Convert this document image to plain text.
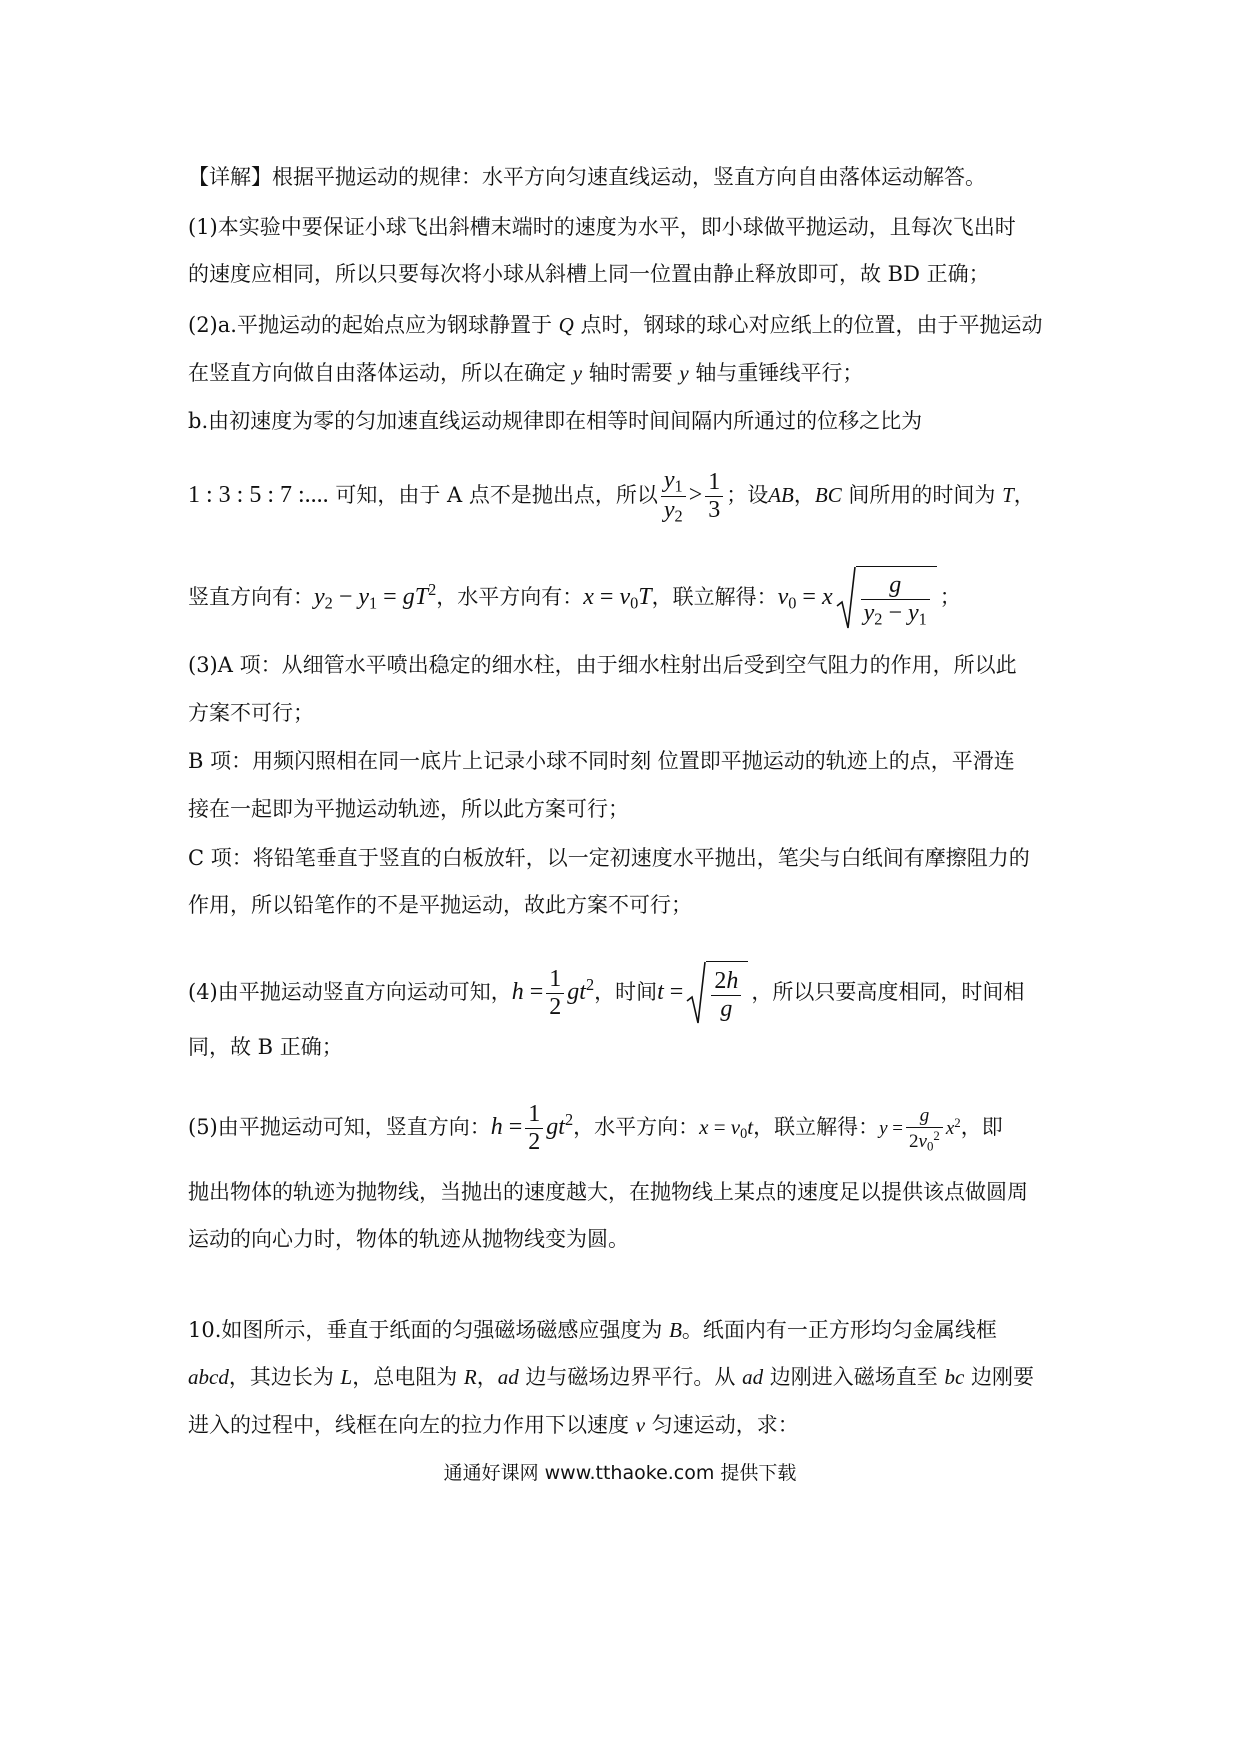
【详解】根据平抛运动的规律：水平方向匀速直线运动，竖直方向自由落体运动解答。
(1)本实验中要保证小球飞出斜槽末端时的速度为水平，即小球做平抛运动，且每次飞出时
的速度应相同，所以只要每次将小球从斜槽上同一位置由静止释放即可，故 BD 正确；
(2)a.平抛运动的起始点应为钢球静置于 Q 点时，钢球的球心对应纸上的位置，由于平抛运动
在竖直方向做自由落体运动，所以在确定 y 轴时需要 y 轴与重锤线平行；
b.由初速度为零的匀加速直线运动规律即在相等时间间隔内所通过的位移之比为
1 : 3 : 5 : 7 :.... 可知，由于 A 点不是抛出点，所以 $\frac{y_1}{y_2} > \frac{1}{3}$ ；设AB，BC 间所用的时间为 T，
竖直方向有：$y_2 - y_1 = gT^2$，水平方向有：$x = v_0T$，联立解得：$v_0 = x \frac{g}{y_2 - y_1}$ ；
(3)A 项：从细管水平喷出稳定的细水柱，由于细水柱射出后受到空气阻力的作用，所以此
方案不可行；
B 项：用频闪照相在同一底片上记录小球不同时刻 位置即平抛运动的轨迹上的点，平滑连
接在一起即为平抛运动轨迹，所以此方案可行；
C 项：将铅笔垂直于竖直的白板放轩，以一定初速度水平抛出，笔尖与白纸间有摩擦阻力的
作用，所以铅笔作的不是平抛运动，故此方案不可行；
(4)由平抛运动竖直方向运动可知，$h = \frac{1}{2} gt^2$，时间$t = \frac{2h}{g}$ ，所以只要高度相同，时间相
同，故 B 正确；
(5)由平抛运动可知，竖直方向：$h = \frac{1}{2} gt^2$，水平方向：$x = v_0t$，联立解得：$y = \frac{g}{2v_0^2} x^2$，即
抛出物体的轨迹为抛物线，当抛出的速度越大，在抛物线上某点的速度足以提供该点做圆周
运动的向心力时，物体的轨迹从抛物线变为圆。
10.如图所示，垂直于纸面的匀强磁场磁感应强度为 B。纸面内有一正方形均匀金属线框
abcd，其边长为 L，总电阻为 R，ad 边与磁场边界平行。从 ad 边刚进入磁场直至 bc 边刚要
进入的过程中，线框在向左的拉力作用下以速度 v 匀速运动，求：
通通好课网 www.tthaoke.com 提供下载
